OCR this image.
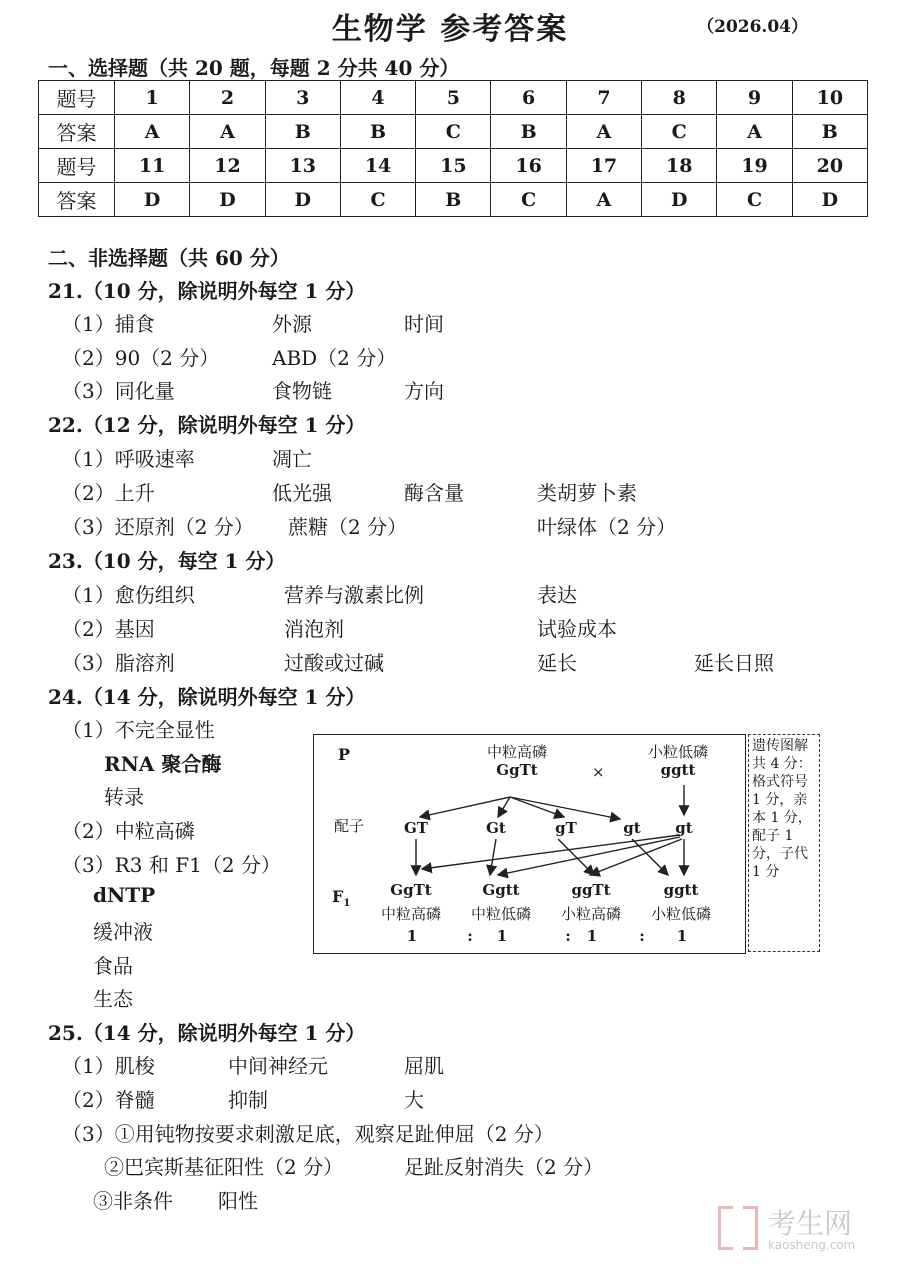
生物学 参考答案	（2026.04）
一、选择题（共 20 题，每题 2 分共 40 分）
题号	1	2	3	4	5	6	7	8	9	10
答案	A	A	B	B	C	B	A	C	A	B
题号	11	12	13	14	15	16	17	18	19	20
答案	D	D	D	C	B	C	A	D	C	D
二、非选择题（共 60 分）
21.（10 分，除说明外每空 1 分）
（1）捕食	外源	时间
（2）90（2 分）	ABD（2 分）
（3）同化量	食物链	方向
22.（12 分，除说明外每空 1 分）
（1）呼吸速率	凋亡
（2）上升	低光强	酶含量	类胡萝卜素
（3）还原剂（2 分） 蔗糖（2 分）	叶绿体（2 分）
23.（10 分，每空 1 分）
（1）愈伤组织	营养与激素比例	表达
（2）基因	消泡剂	试验成本
（3）脂溶剂	过酸或过碱	延长	延长日照
24.（14 分，除说明外每空 1 分）
（1）不完全显性
RNA 聚合酶
转录
（2）中粒高磷
（3）R3 和 F1（2 分）
dNTP
缓冲液
食品
生态
P	中粒高磷
GgTt	×
小粒低磷
ggtt
配子	GT	Gt	gT	gt	gt
$F_1$
GgTt	Ggtt	ggTt	ggtt
中粒高磷	中粒低磷	小粒高磷	小粒低磷
1	:	1	:	1	:	1
遗传图解共 4 分：格式符号 1 分，亲本 1 分，配子 1 分，子代 1 分
25.（14 分，除说明外每空 1 分）
（1）肌梭	中间神经元	屈肌
（2）脊髓	抑制	大
（3）①用钝物按要求刺激足底，观察足趾伸屈（2 分）
②巴宾斯基征阳性（2 分）	足趾反射消失（2 分）
③非条件 阳性
考生网
kaosheng.com
